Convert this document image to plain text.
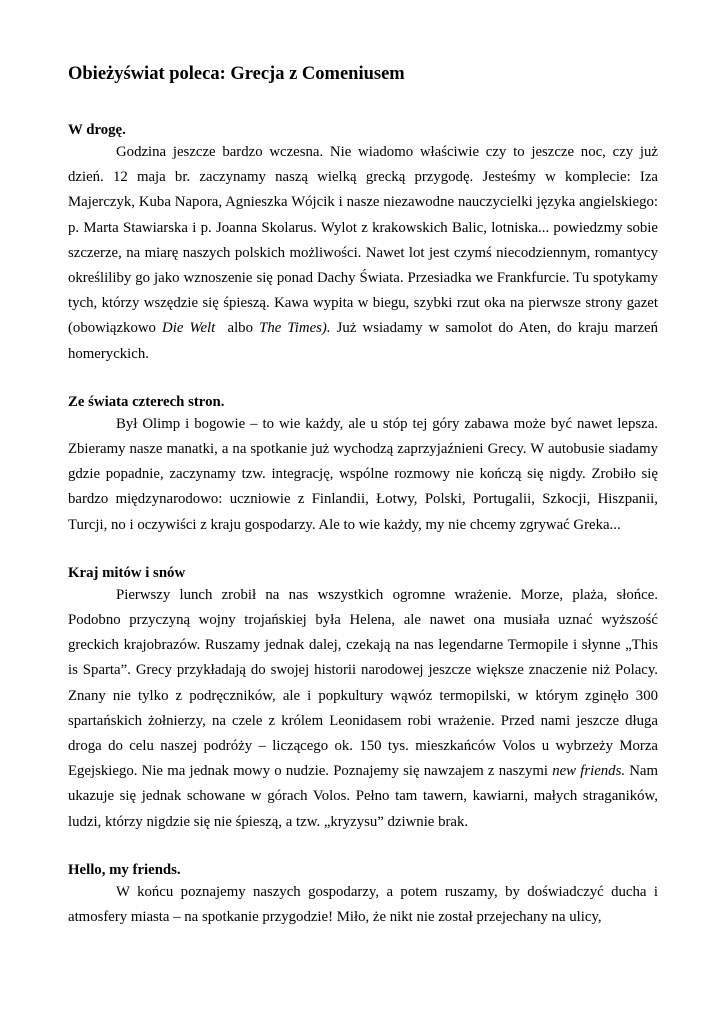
Obieżyświat poleca: Grecja z Comeniusem
W drogę.

Godzina jeszcze bardzo wczesna. Nie wiadomo właściwie czy to jeszcze noc, czy już dzień. 12 maja br. zaczynamy naszą wielką grecką przygodę. Jesteśmy w komplecie: Iza Majerczyk, Kuba Napora, Agnieszka Wójcik i nasze niezawodne nauczycielki języka angielskiego: p. Marta Stawiarska i p. Joanna Skolarus. Wylot z krakowskich Balic, lotniska... powiedzmy sobie szczerze, na miarę naszych polskich możliwości. Nawet lot jest czymś niecodziennym, romantycy określiliby go jako wznoszenie się ponad Dachy Świata. Przesiadka we Frankfurcie. Tu spotykamy tych, którzy wszędzie się śpieszą. Kawa wypita w biegu, szybki rzut oka na pierwsze strony gazet (obowiązkowo Die Welt  albo The Times). Już wsiadamy w samolot do Aten, do kraju marzeń homeryckich.

Ze świata czterech stron.

Był Olimp i bogowie – to wie każdy, ale u stóp tej góry zabawa może być nawet lepsza. Zbieramy nasze manatki, a na spotkanie już wychodzą zaprzyjaźnieni Grecy. W autobusie siadamy gdzie popadnie, zaczynamy tzw. integrację, wspólne rozmowy nie kończą się nigdy. Zrobiło się bardzo międzynarodowo: uczniowie z Finlandii, Łotwy, Polski, Portugalii, Szkocji, Hiszpanii, Turcji, no i oczywiści z kraju gospodarzy. Ale to wie każdy, my nie chcemy zgrywać Greka...

Kraj mitów i snów

Pierwszy lunch zrobił na nas wszystkich ogromne wrażenie. Morze, plaża, słońce. Podobno przyczyną wojny trojańskiej była Helena, ale nawet ona musiała uznać wyższość greckich krajobrazów. Ruszamy jednak dalej, czekają na nas legendarne Termopile i słynne „This is Sparta”. Grecy przykładają do swojej historii narodowej jeszcze większe znaczenie niż Polacy. Znany nie tylko z podręczników, ale i popkultury wąwóz termopilski, w którym zginęło 300 spartańskich żołnierzy, na czele z królem Leonidasem robi wrażenie. Przed nami jeszcze długa droga do celu naszej podróży – liczącego ok. 150 tys. mieszkańców Volos u wybrzeży Morza Egejskiego. Nie ma jednak mowy o nudzie. Poznajemy się nawzajem z naszymi new friends. Nam ukazuje się jednak schowane w górach Volos. Pełno tam tawern, kawiarni, małych straganików, ludzi, którzy nigdzie się nie śpieszą, a tzw. „kryzysu” dziwnie brak.

Hello, my friends.

W końcu poznajemy naszych gospodarzy, a potem ruszamy, by doświadczyć ducha i atmosfery miasta – na spotkanie przygodzie! Miło, że nikt nie został przejechany na ulicy,
